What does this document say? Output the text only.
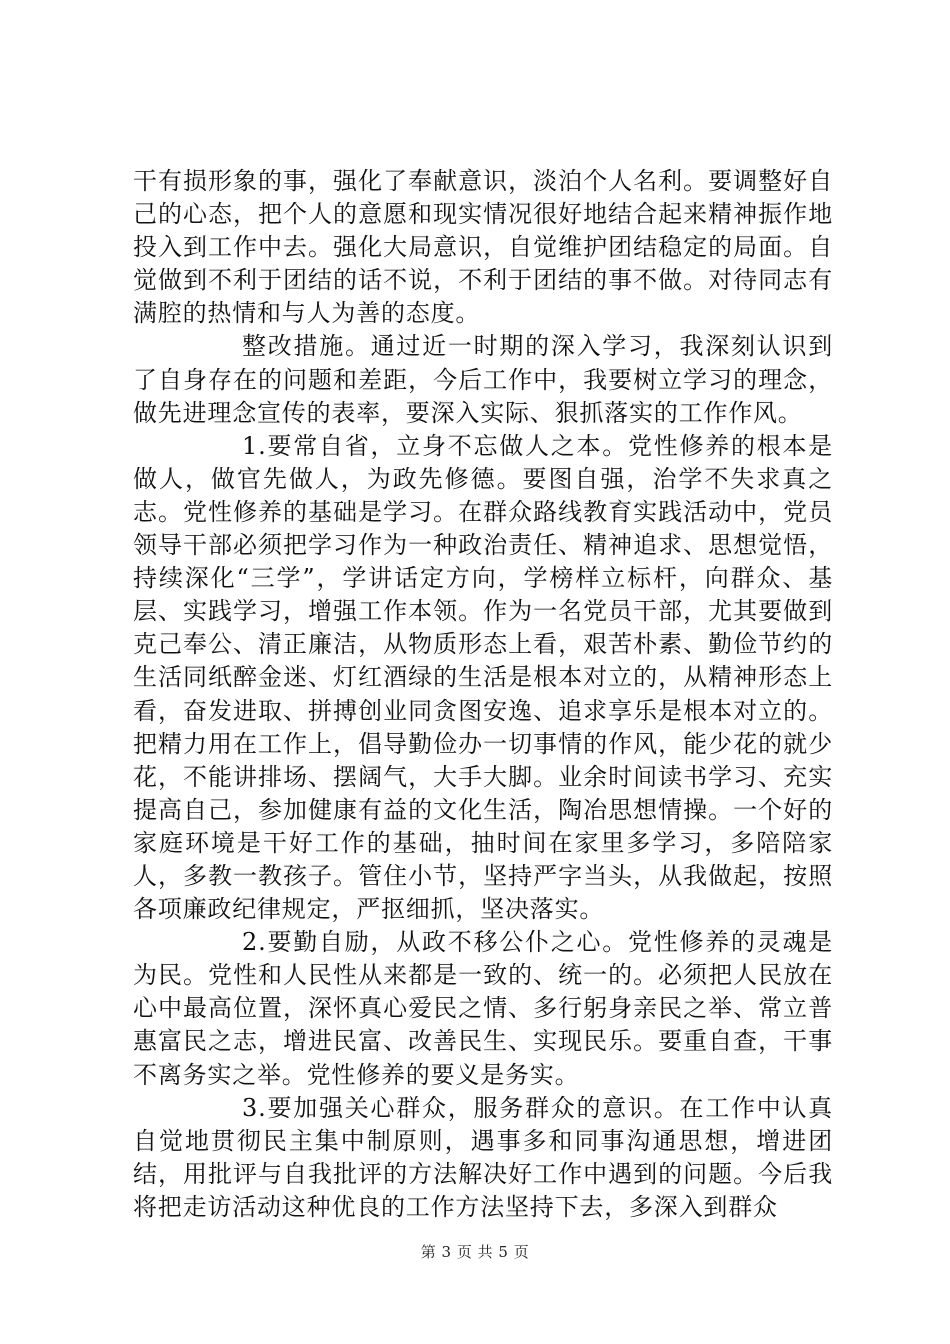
干有损形象的事，强化了奉献意识，淡泊个人名利。要调整好自己的心态，把个人的意愿和现实情况很好地结合起来精神振作地投入到工作中去。强化大局意识，自觉维护团结稳定的局面。自觉做到不利于团结的话不说，不利于团结的事不做。对待同志有满腔的热情和与人为善的态度。

整改措施。通过近一时期的深入学习，我深刻认识到了自身存在的问题和差距，今后工作中，我要树立学习的理念，做先进理念宣传的表率，要深入实际、狠抓落实的工作作风。

1.要常自省，立身不忘做人之本。党性修养的根本是做人，做官先做人，为政先修德。要图自强，治学不失求真之志。党性修养的基础是学习。在群众路线教育实践活动中，党员领导干部必须把学习作为一种政治责任、精神追求、思想觉悟，持续深化“三学”，学讲话定方向，学榜样立标杆，向群众、基层、实践学习，增强工作本领。作为一名党员干部，尤其要做到克己奉公、清正廉洁，从物质形态上看，艰苦朴素、勤俭节约的生活同纸醉金迷、灯红酒绿的生活是根本对立的，从精神形态上看，奋发进取、拼搏创业同贪图安逸、追求享乐是根本对立的。把精力用在工作上，倡导勤俭办一切事情的作风，能少花的就少花，不能讲排场、摆阔气，大手大脚。业余时间读书学习、充实提高自己，参加健康有益的文化生活，陶冶思想情操。一个好的家庭环境是干好工作的基础，抽时间在家里多学习，多陪陪家人，多教一教孩子。管住小节，坚持严字当头，从我做起，按照各项廉政纪律规定，严抠细抓，坚决落实。

2.要勤自励，从政不移公仆之心。党性修养的灵魂是为民。党性和人民性从来都是一致的、统一的。必须把人民放在心中最高位置，深怀真心爱民之情、多行躬身亲民之举、常立普惠富民之志，增进民富、改善民生、实现民乐。要重自查，干事不离务实之举。党性修养的要义是务实。

3.要加强关心群众，服务群众的意识。在工作中认真自觉地贯彻民主集中制原则，遇事多和同事沟通思想，增进团结，用批评与自我批评的方法解决好工作中遇到的问题。今后我将把走访活动这种优良的工作方法坚持下去，多深入到群众

第 3 页 共 5 页
